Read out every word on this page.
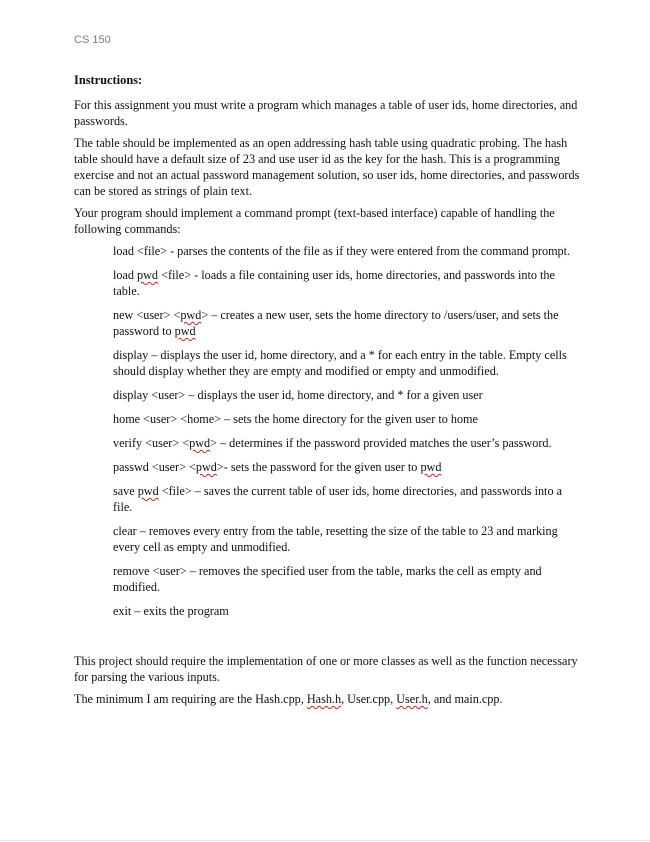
CS 150

Instructions:

For this assignment you must write a program which manages a table of user ids, home directories, and passwords.

The table should be implemented as an open addressing hash table using quadratic probing. The hash table should have a default size of 23 and use user id as the key for the hash. This is a programming exercise and not an actual password management solution, so user ids, home directories, and passwords can be stored as strings of plain text.

Your program should implement a command prompt (text-based interface) capable of handling the following commands:

load <file> - parses the contents of the file as if they were entered from the command prompt.

load pwd <file> - loads a file containing user ids, home directories, and passwords into the table.

new <user> <pwd> – creates a new user, sets the home directory to /users/user, and sets the password to pwd

display – displays the user id, home directory, and a * for each entry in the table. Empty cells should display whether they are empty and modified or empty and unmodified.

display <user> – displays the user id, home directory, and * for a given user

home <user> <home> – sets the home directory for the given user to home

verify <user> <pwd> – determines if the password provided matches the user’s password.

passwd <user> <pwd>- sets the password for the given user to pwd

save pwd <file> – saves the current table of user ids, home directories, and passwords into a file.

clear – removes every entry from the table, resetting the size of the table to 23 and marking every cell as empty and unmodified.

remove <user> – removes the specified user from the table, marks the cell as empty and modified.

exit – exits the program

This project should require the implementation of one or more classes as well as the function necessary for parsing the various inputs.

The minimum I am requiring are the Hash.cpp, Hash.h, User.cpp, User.h, and main.cpp.
